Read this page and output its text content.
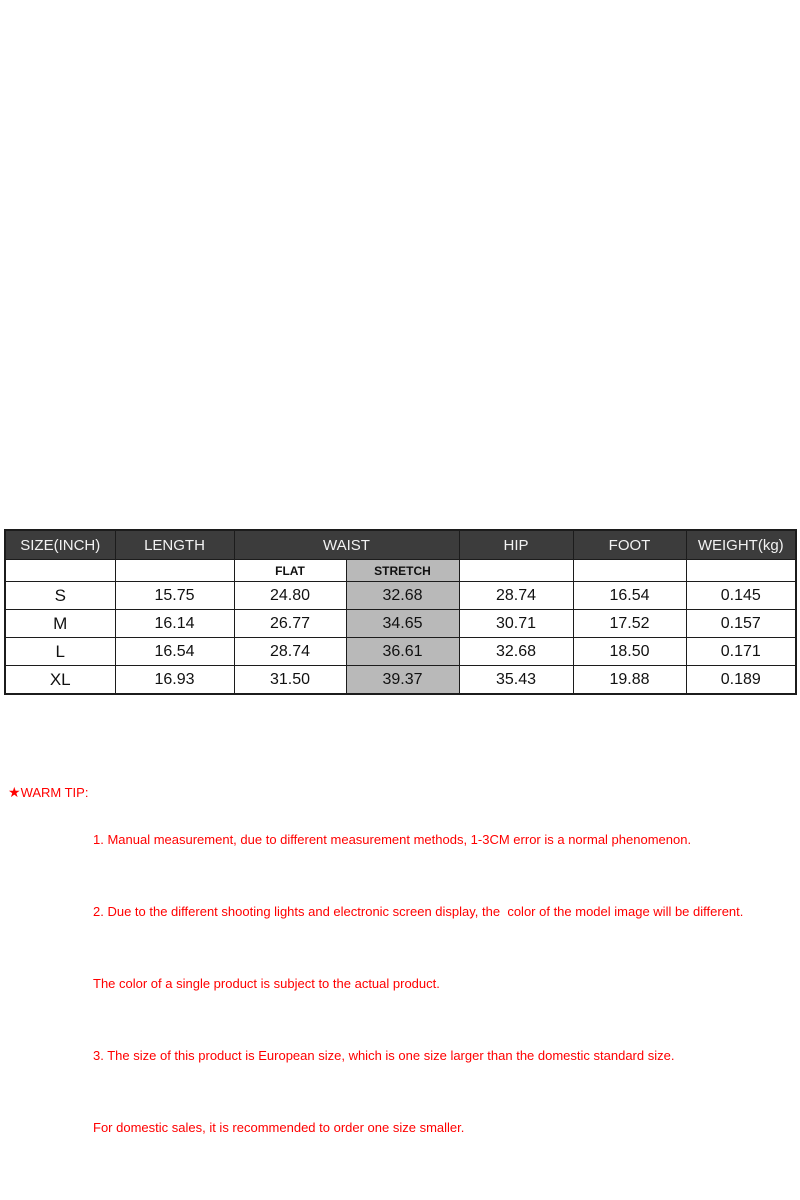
SIZE(INCH)	LENGTH	WAIST		HIP	FOOT	WEIGHT(kg)
		FLAT	STRETCH			
S	15.75	24.80	32.68	28.74	16.54	0.145
M	16.14	26.77	34.65	30.71	17.52	0.157
L	16.54	28.74	36.61	32.68	18.50	0.171
XL	16.93	31.50	39.37	35.43	19.88	0.189
★WARM TIP:

1. Manual measurement, due to different measurement methods, 1-3CM error is a normal phenomenon.

2. Due to the different shooting lights and electronic screen display, the  color of the model image will be different.

The color of a single product is subject to the actual product.

3. The size of this product is European size, which is one size larger than the domestic standard size.

For domestic sales, it is recommended to order one size smaller.
